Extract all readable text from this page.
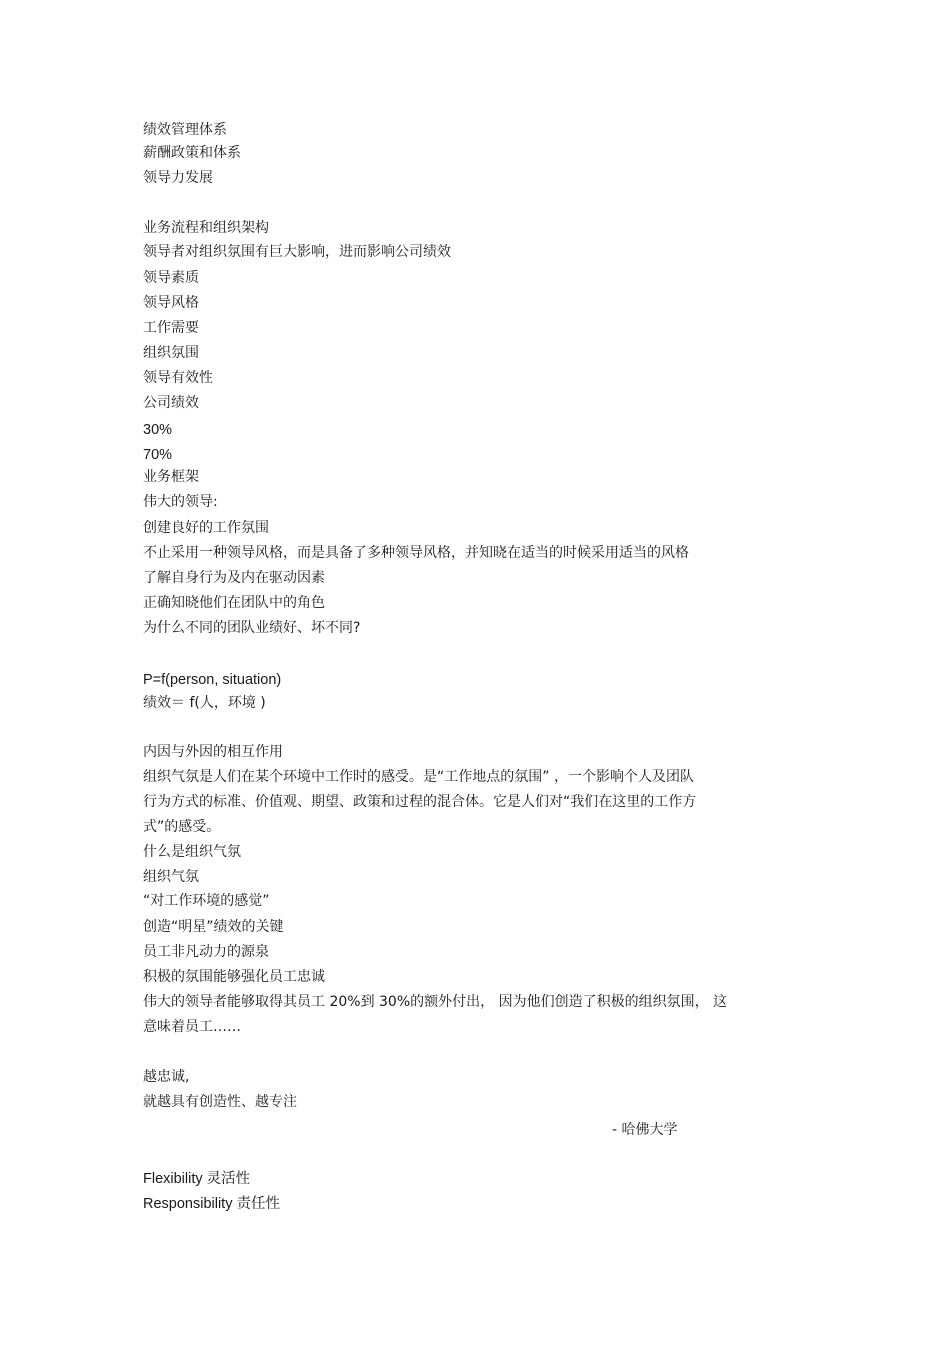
绩效管理体系
薪酬政策和体系
领导力发展
业务流程和组织架构
领导者对组织氛围有巨大影响，进而影响公司绩效
领导素质
领导风格
工作需要
组织氛围
领导有效性
公司绩效
30%
70%
业务框架
伟大的领导:
创建良好的工作氛围
不止采用一种领导风格，而是具备了多种领导风格，并知晓在适当的时候采用适当的风格
了解自身行为及内在驱动因素
正确知晓他们在团队中的角色
为什么不同的团队业绩好、坏不同?
P=f(person, situation)
绩效＝ f(人，环境 )
内因与外因的相互作用
组织气氛是人们在某个环境中工作时的感受。是“工作地点的氛围” ，一个影响个人及团队
行为方式的标准、价值观、期望、政策和过程的混合体。它是人们对“我们在这里的工作方
式”的感受。
什么是组织气氛
组织气氛
“对工作环境的感觉”
创造“明星”绩效的关键
员工非凡动力的源泉
积极的氛围能够强化员工忠诚
伟大的领导者能够取得其员工 20%到 30%的额外付出， 因为他们创造了积极的组织氛围， 这
意味着员工……
越忠诚,
就越具有创造性、越专注
- 哈佛大学
Flexibility 灵活性
Responsibility 责任性
